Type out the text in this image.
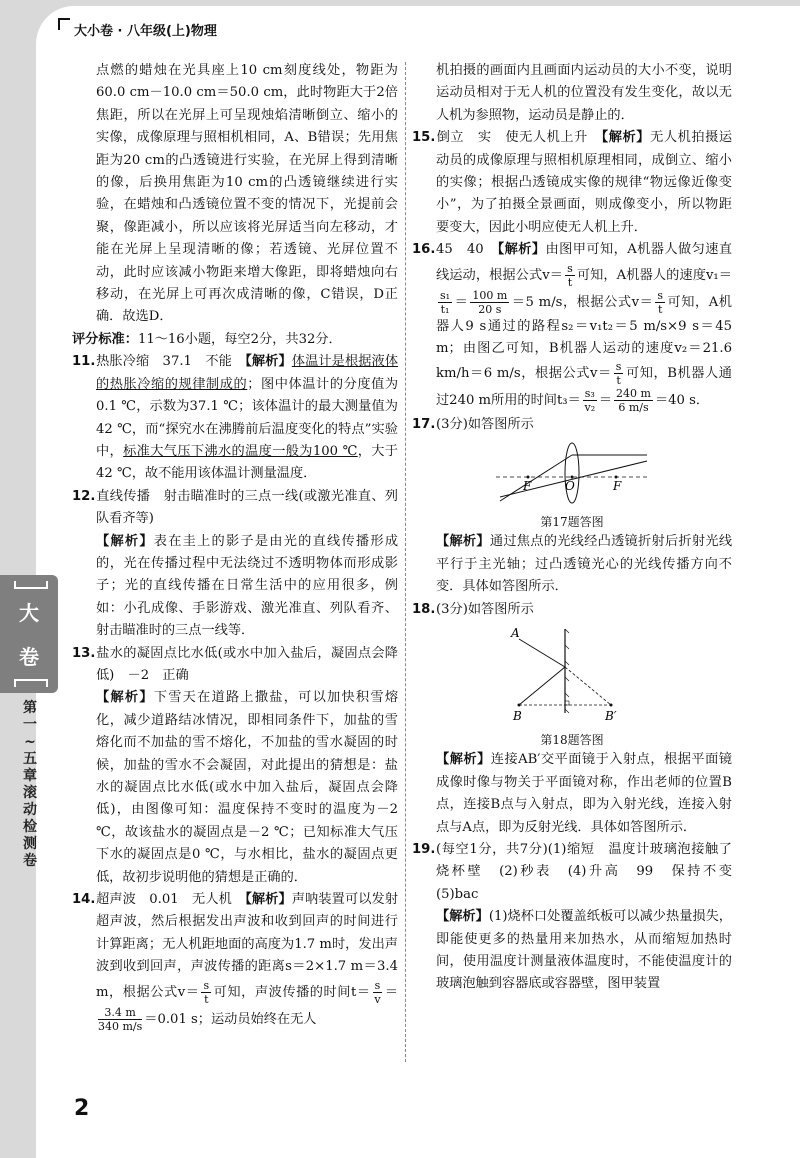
大小卷 · 八年级(上)物理
大
卷
第
一
~
五
章
滚
动
检
测
卷

点燃的蜡烛在光具座上10 cm刻度线处，物距为60.0 cm－10.0 cm＝50.0 cm，此时物距大于2倍焦距，所以在光屏上可呈现烛焰清晰倒立、缩小的实像，成像原理与照相机相同，A、B错误；先用焦距为20 cm的凸透镜进行实验，在光屏上得到清晰的像，后换用焦距为10 cm的凸透镜继续进行实验，在蜡烛和凸透镜位置不变的情况下，光提前会聚，像距减小，所以应该将光屏适当向左移动，才能在光屏上呈现清晰的像；若透镜、光屏位置不动，此时应该减小物距来增大像距，即将蜡烛向右移动，在光屏上可再次成清晰的像，C错误，D正确．故选D．

评分标准：11～16小题，每空2分，共32分．

11.热胀冷缩　37.1　不能　 【解析】体温计是根据液体的热胀冷缩的规律制成的；图中体温计的分度值为0.1 ℃，示数为37.1 ℃；该体温计的最大测量值为42 ℃，而“探究水在沸腾前后温度变化的特点”实验中，标准大气压下沸水的温度一般为100 ℃，大于42 ℃，故不能用该体温计测量温度．

12.直线传播　射击瞄准时的三点一线(或激光准直、列队看齐等)

【解析】表在圭上的影子是由光的直线传播形成的，光在传播过程中无法绕过不透明物体而形成影子；光的直线传播在日常生活中的应用很多，例如：小孔成像、手影游戏、激光准直、列队看齐、射击瞄准时的三点一线等．

13.盐水的凝固点比水低(或水中加入盐后，凝固点会降低)　－2　正确

【解析】下雪天在道路上撒盐，可以加快积雪熔化，减少道路结冰情况，即相同条件下，加盐的雪熔化而不加盐的雪不熔化，不加盐的雪水凝固的时候，加盐的雪水不会凝固，对此提出的猜想是：盐水的凝固点比水低(或水中加入盐后，凝固点会降低)，由图像可知：温度保持不变时的温度为－2 ℃，故该盐水的凝固点是－2 ℃；已知标准大气压下水的凝固点是0 ℃，与水相比，盐水的凝固点更低，故初步说明他的猜想是正确的．

14.超声波　0.01　无人机　 【解析】声呐装置可以发射超声波，然后根据发出声波和收到回声的时间进行计算距离；无人机距地面的高度为1.7 m时，发出声波到收到回声，声波传播的距离s＝2×1.7 m＝3.4 m，根据公式$v= \frac{s}{t}$ 可知，声波传播的时间$t= \frac{s}{v}$ ＝
$\frac{3.4 m}{340 m/s} =0.01$ s；运动员始终在无人

机拍摄的画面内且画面内运动员的大小不变，说明运动员相对于无人机的位置没有发生变化，故以无人机为参照物，运动员是静止的．

15.倒立　实　使无人机上升　 【解析】无人机拍摄运动员的成像原理与照相机原理相同，成倒立、缩小的实像；根据凸透镜成实像的规律“物远像近像变小”，为了拍摄全景画面，则成像变小，所以物距要变大，因此小明应使无人机上升．

16.45　40　 【解析】由图甲可知，A机器人做匀速直线运动，根据公式$v= \frac{s}{t}$ 可知，A机器人的速度v₁＝
$\frac{\text{s₁}}{\text{t₁}} = \frac{100 m}{20 s} =5$ m/s，根据公式$v= \frac{s}{t}$ 可知，A机器人9 s通过的路程s₂＝v₁t₂＝5 m/s×9 s＝45 m；由图乙可知，B机器人运动的速度v₂＝21.6 km/h＝6 m/s，根据公式$v= \frac{s}{t}$ 可知，B机器人通过240 m所用的时间$t_3= \frac{\text{s₃}}{\text{v₂}} = \frac{240 m}{6 m/s} =40$ s．

17.(3分)如答图所示

F	O	F

第17题答图

【解析】通过焦点的光线经凸透镜折射后折射光线平行于主光轴；过凸透镜光心的光线传播方向不变．具体如答图所示．

18.(3分)如答图所示

A
B	B′

第18题答图

【解析】连接AB′交平面镜于入射点，根据平面镜成像时像与物关于平面镜对称，作出老师的位置B点，连接B点与入射点，即为入射光线，连接入射点与A点，即为反射光线．具体如答图所示．

19.(每空1分，共7分)(1)缩短　温度计玻璃泡接触了烧杯壁　(2)秒表　(4)升高　99　保持不变　(5)bac

【解析】(1)烧杯口处覆盖纸板可以减少热量损失，即能使更多的热量用来加热水，从而缩短加热时间，使用温度计测量液体温度时，不能使温度计的玻璃泡触到容器底或容器壁，图甲装置

2
